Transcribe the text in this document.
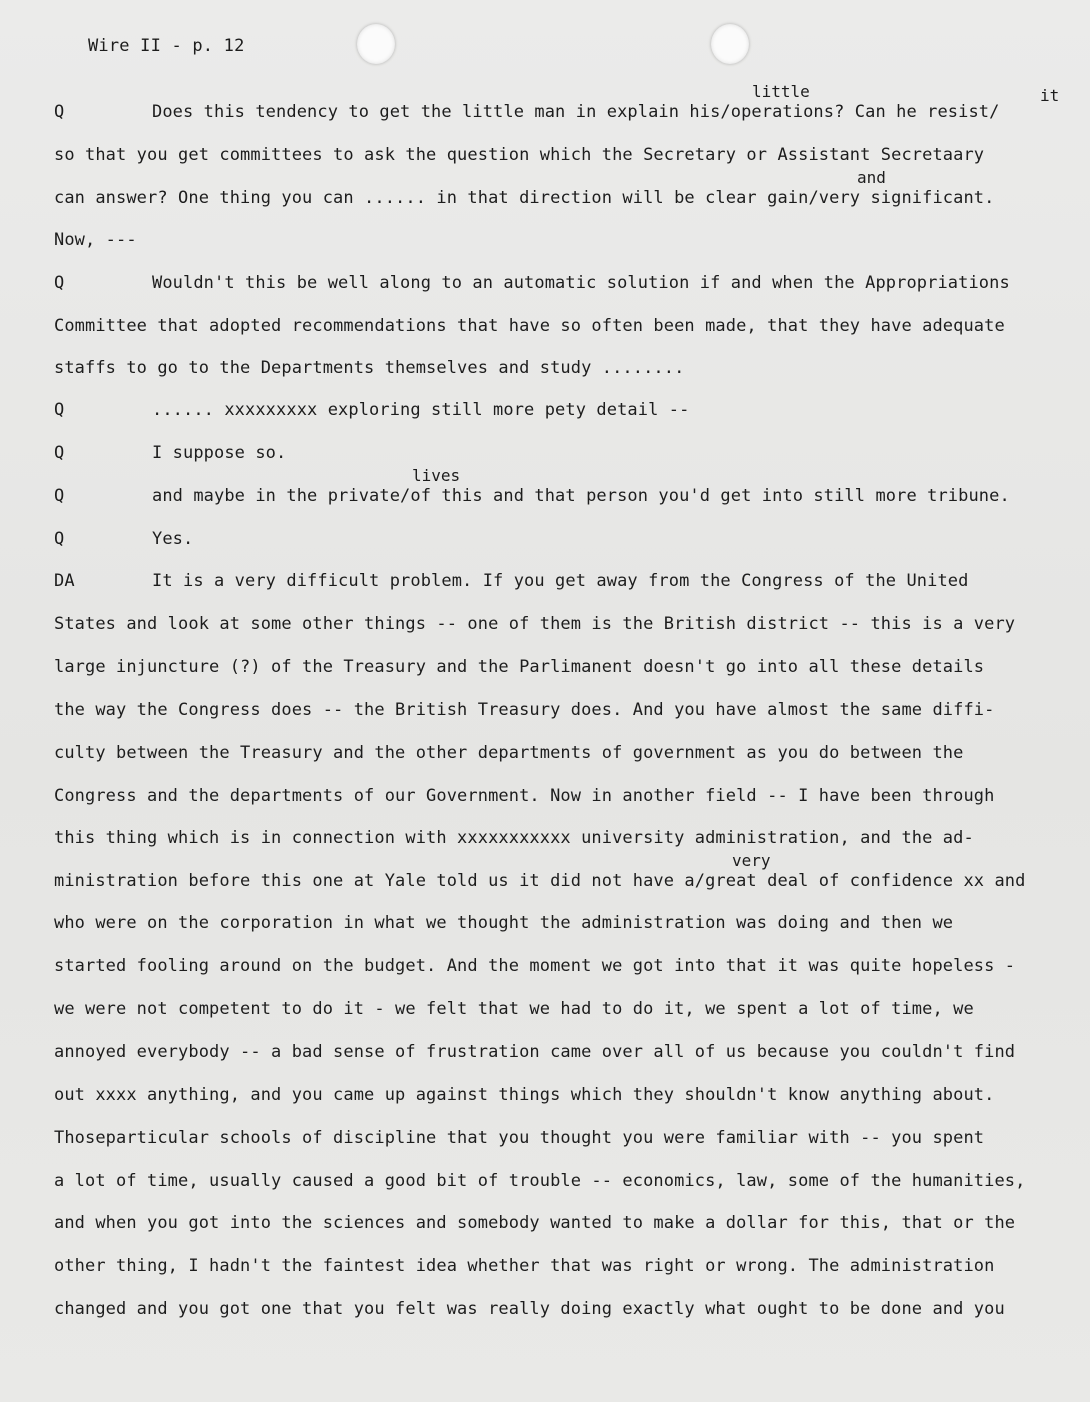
Wire II - p. 12
little	it
and
lives
very
Q	Does this tendency to get the little man in explain his/operations? Can he resist/
so that you get committees to ask the question which the Secretary or Assistant Secretaary
can answer? One thing you can ...... in that direction will be clear gain/very significant.
Now, ---
Q	Wouldn't this be well along to an automatic solution if and when the Appropriations
Committee that adopted recommendations that have so often been made, that they have adequate
staffs to go to the Departments themselves and study ........
Q	...... xxxxxxxxx exploring still more pety detail --
Q	I suppose so.
Q	and maybe in the private/of this and that person you'd get into still more tribune.
Q	Yes.
DA	It is a very difficult problem. If you get away from the Congress of the United
States and look at some other things -- one of them is the British district -- this is a very
large injuncture (?) of the Treasury and the Parlimanent doesn't go into all these details
the way the Congress does -- the British Treasury does. And you have almost the same diffi-
culty between the Treasury and the other departments of government as you do between the
Congress and the departments of our Government. Now in another field -- I have been through
this thing which is in connection with xxxxxxxxxxx university administration, and the ad-
ministration before this one at Yale told us it did not have a/great deal of confidence xx and
who were on the corporation in what we thought the administration was doing and then we
started fooling around on the budget. And the moment we got into that it was quite hopeless -
we were not competent to do it - we felt that we had to do it, we spent a lot of time, we
annoyed everybody -- a bad sense of frustration came over all of us because you couldn't find
out xxxx anything, and you came up against things which they shouldn't know anything about.
Thoseparticular schools of discipline that you thought you were familiar with -- you spent
a lot of time, usually caused a good bit of trouble -- economics, law, some of the humanities,
and when you got into the sciences and somebody wanted to make a dollar for this, that or the
other thing, I hadn't the faintest idea whether that was right or wrong. The administration
changed and you got one that you felt was really doing exactly what ought to be done and you
